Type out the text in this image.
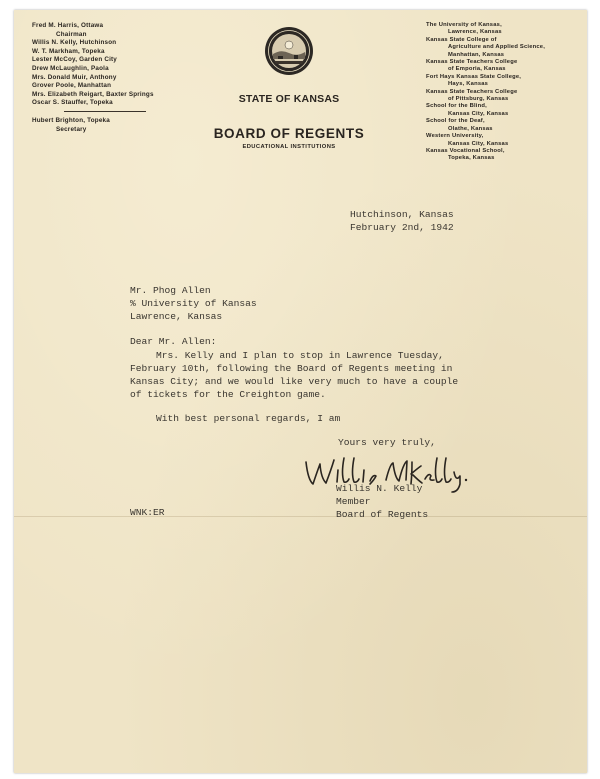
Fred M. Harris, Ottawa
Chairman
Willis N. Kelly, Hutchinson
W. T. Markham, Topeka
Lester McCoy, Garden City
Drew McLaughlin, Paola
Mrs. Donald Muir, Anthony
Grover Poole, Manhattan
Mrs. Elizabeth Reigart, Baxter Springs
Oscar S. Stauffer, Topeka
Hubert Brighton, Topeka
Secretary
STATE OF KANSAS
BOARD OF REGENTS
EDUCATIONAL INSTITUTIONS
The University of Kansas,
Lawrence, Kansas
Kansas State College of
Agriculture and Applied Science,
Manhattan, Kansas
Kansas State Teachers College
of Emporia, Kansas
Fort Hays Kansas State College,
Hays, Kansas
Kansas State Teachers College
of Pittsburg, Kansas
School for the Blind,
Kansas City, Kansas
School for the Deaf,
Olathe, Kansas
Western University,
Kansas City, Kansas
Kansas Vocational School,
Topeka, Kansas
Hutchinson, Kansas
February 2nd, 1942
Mr. Phog Allen
% University of Kansas
Lawrence, Kansas
Dear Mr. Allen:
Mrs. Kelly and I plan to stop in Lawrence Tuesday,
February 10th, following the Board of Regents meeting in
Kansas City; and we would like very much to have a couple
of tickets for the Creighton game.
With best personal regards, I am
Yours very truly,
Willis N. Kelly
Member
Board of Regents
WNK:ER
